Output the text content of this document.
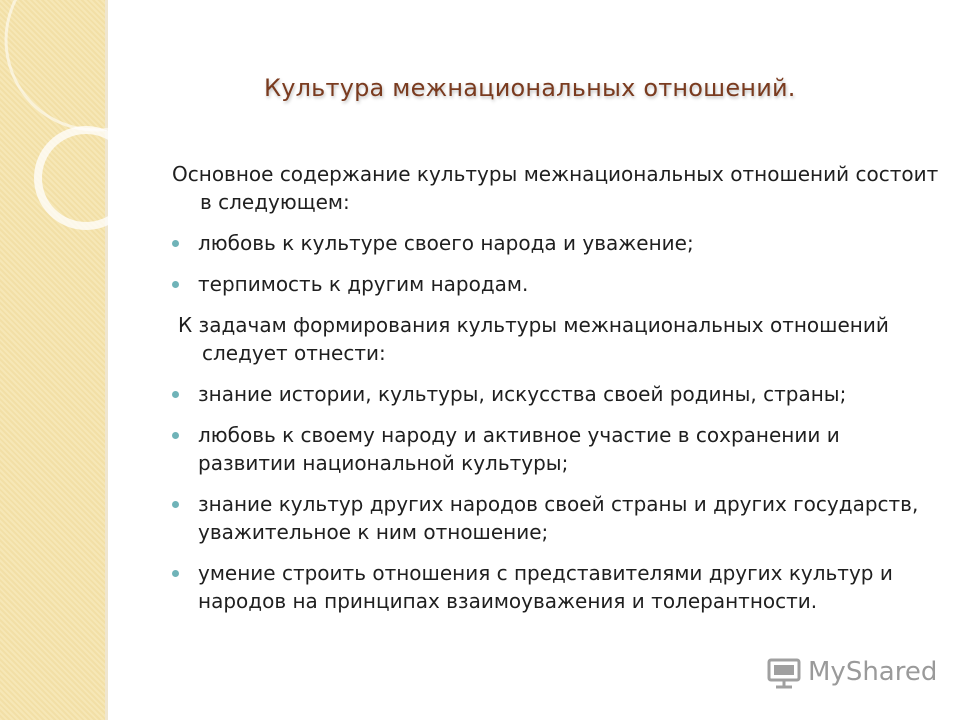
Культура межнациональных отношений.

Основное содержание культуры межнациональных отношений состоит в следующем:

любовь к культуре своего народа и уважение;
терпимость к другим народам.

К задачам формирования культуры межнациональных отношений следует отнести:

знание истории, культуры, искусства своей родины, страны;
любовь к своему народу и активное участие в сохранении и развитии национальной культуры;
знание культур других народов своей страны и других государств, уважительное к ним отношение;
умение строить отношения с представителями других культур и народов на принципах взаимоуважения и толерантности.
MyShared
